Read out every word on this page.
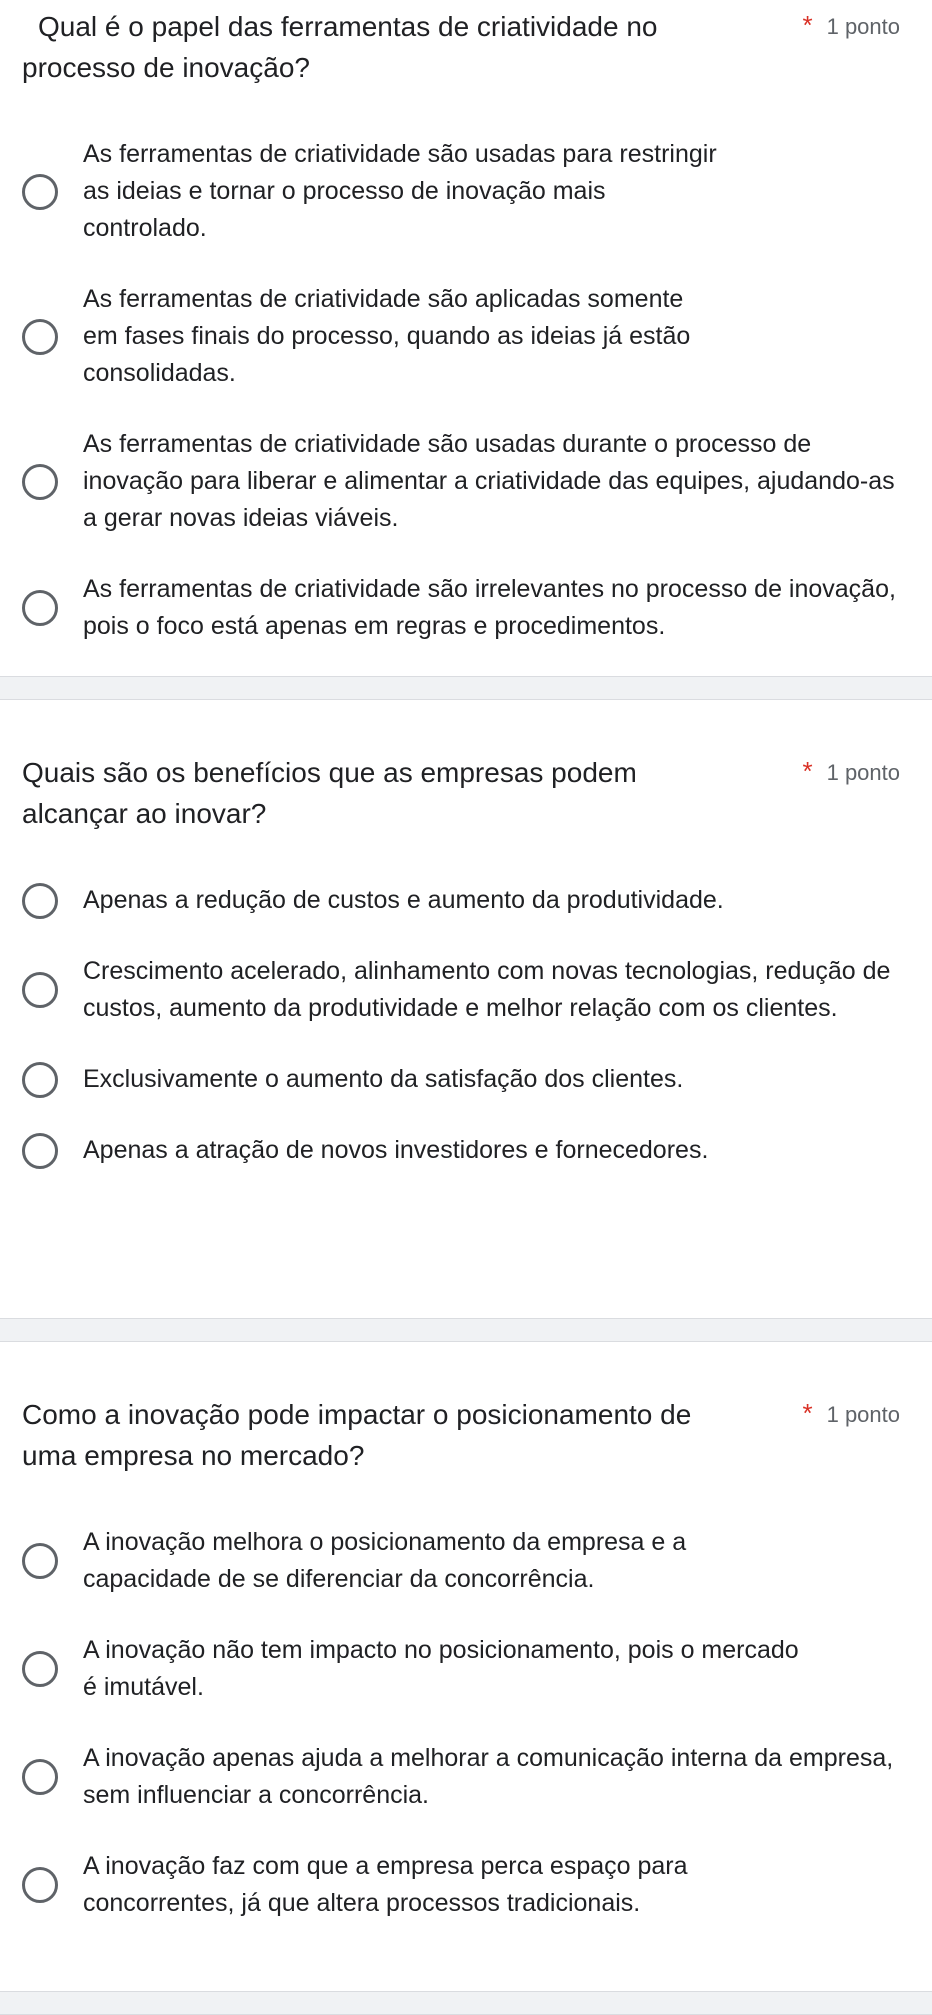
Qual é o papel das ferramentas de criatividade no
processo de inovação?

* 1 ponto
As ferramentas de criatividade são usadas para restringir as ideias e tornar o processo de inovação mais controlado.
As ferramentas de criatividade são aplicadas somente em fases finais do processo, quando as ideias já estão consolidadas.
As ferramentas de criatividade são usadas durante o processo de inovação para liberar e alimentar a criatividade das equipes, ajudando-as a gerar novas ideias viáveis.
As ferramentas de criatividade são irrelevantes no processo de inovação, pois o foco está apenas em regras e procedimentos.

Quais são os benefícios que as empresas podem
alcançar ao inovar?

* 1 ponto
Apenas a redução de custos e aumento da produtividade.
Crescimento acelerado, alinhamento com novas tecnologias, redução de custos, aumento da produtividade e melhor relação com os clientes.
Exclusivamente o aumento da satisfação dos clientes.
Apenas a atração de novos investidores e fornecedores.

Como a inovação pode impactar o posicionamento de
uma empresa no mercado?

* 1 ponto
A inovação melhora o posicionamento da empresa e a capacidade de se diferenciar da concorrência.
A inovação não tem impacto no posicionamento, pois o mercado é imutável.
A inovação apenas ajuda a melhorar a comunicação interna da empresa, sem influenciar a concorrência.
A inovação faz com que a empresa perca espaço para concorrentes, já que altera processos tradicionais.
